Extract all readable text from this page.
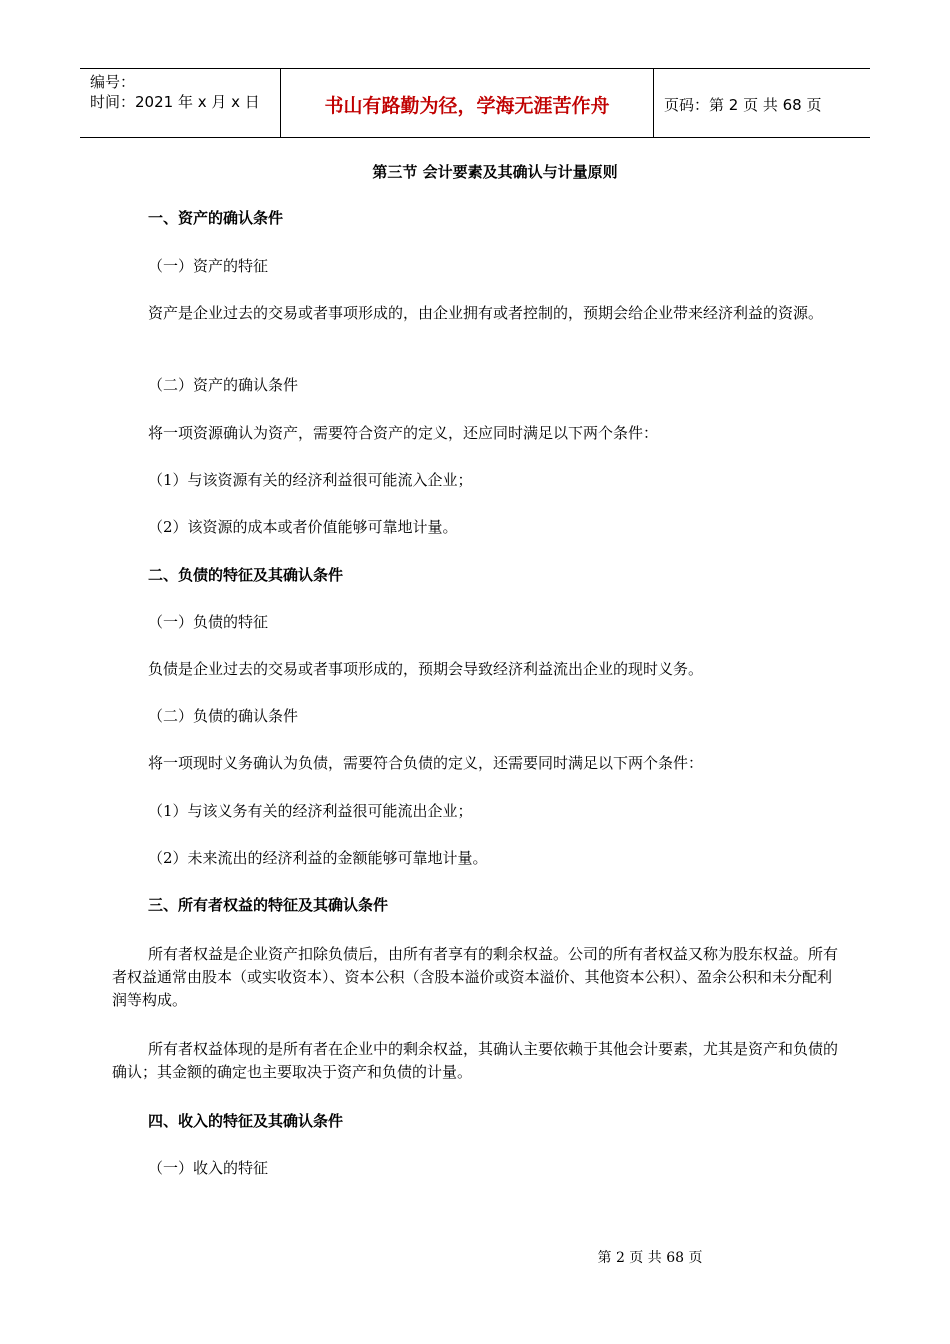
编号：
时间：2021 年 x 月 x 日	书山有路勤为径，学海无涯苦作舟	页码：第 2 页 共 68 页
第三节 会计要素及其确认与计量原则
一、资产的确认条件
（一）资产的特征
资产是企业过去的交易或者事项形成的，由企业拥有或者控制的，预期会给企业带来经济利益的资源。
（二）资产的确认条件
将一项资源确认为资产，需要符合资产的定义，还应同时满足以下两个条件：
（1）与该资源有关的经济利益很可能流入企业；
（2）该资源的成本或者价值能够可靠地计量。
二、负债的特征及其确认条件
（一）负债的特征
负债是企业过去的交易或者事项形成的，预期会导致经济利益流出企业的现时义务。
（二）负债的确认条件
将一项现时义务确认为负债，需要符合负债的定义，还需要同时满足以下两个条件：
（1）与该义务有关的经济利益很可能流出企业；
（2）未来流出的经济利益的金额能够可靠地计量。
三、所有者权益的特征及其确认条件
所有者权益是企业资产扣除负债后，由所有者享有的剩余权益。公司的所有者权益又称为股东权益。所有者权益通常由股本（或实收资本）、资本公积（含股本溢价或资本溢价、其他资本公积）、盈余公积和未分配利润等构成。
所有者权益体现的是所有者在企业中的剩余权益，其确认主要依赖于其他会计要素，尤其是资产和负债的确认；其金额的确定也主要取决于资产和负债的计量。
四、收入的特征及其确认条件
（一）收入的特征
第 2 页 共 68 页
